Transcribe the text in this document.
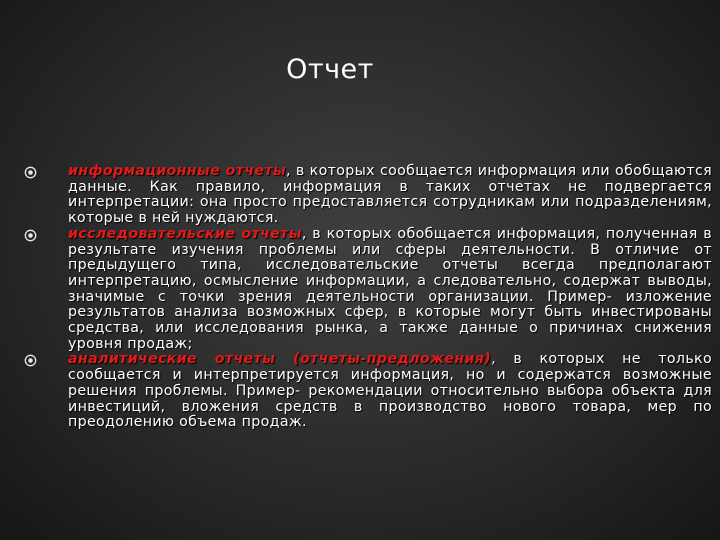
Отчет
информационные отчеты, в которых сообщается информация или обобщаются данные. Как правило, информация в таких отчетах не подвергается интерпретации: она просто предоставляется сотрудникам или подразделениям, которые в ней нуждаются.
исследовательские отчеты, в которых обобщается информация, полученная в результате изучения проблемы или сферы деятельности. В отличие от предыдущего типа, исследовательские отчеты всегда предполагают интерпретацию, осмысление информации, а следовательно, содержат выводы, значимые с точки зрения деятельности организации. Пример- изложение результатов анализа возможных сфер, в которые могут быть инвестированы средства, или исследования рынка, а также данные о причинах снижения уровня продаж;
аналитические отчеты (отчеты-предложения), в которых не только сообщается и интерпретируется информация, но и содержатся возможные решения проблемы. Пример- рекомендации относительно выбора объекта для инвестиций, вложения средств в производство нового товара, мер по преодолению объема продаж.
